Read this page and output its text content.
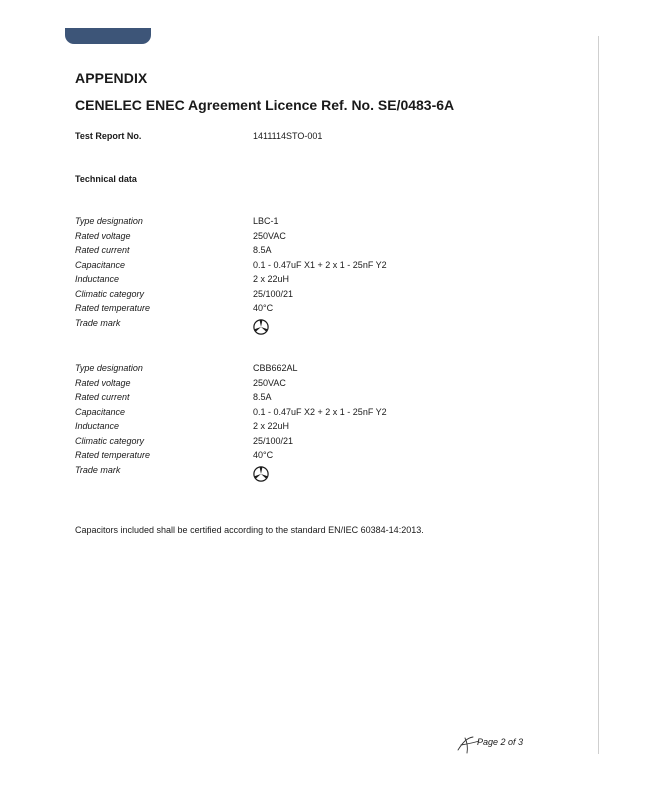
APPENDIX
CENELEC ENEC Agreement Licence Ref. No. SE/0483-6A
Test Report No.	1411114STO-001
Technical data
Type designation	LBC-1
Rated voltage	250VAC
Rated current	8.5A
Capacitance	0.1 - 0.47uF X1 + 2 x 1 - 25nF Y2
Inductance	2 x 22uH
Climatic category	25/100/21
Rated temperature	40°C
Trade mark
Type designation	CBB662AL
Rated voltage	250VAC
Rated current	8.5A
Capacitance	0.1 - 0.47uF X2 + 2 x 1 - 25nF Y2
Inductance	2 x 22uH
Climatic category	25/100/21
Rated temperature	40°C
Trade mark
Capacitors included shall be certified according to the standard EN/IEC 60384-14:2013.
Page 2 of 3
